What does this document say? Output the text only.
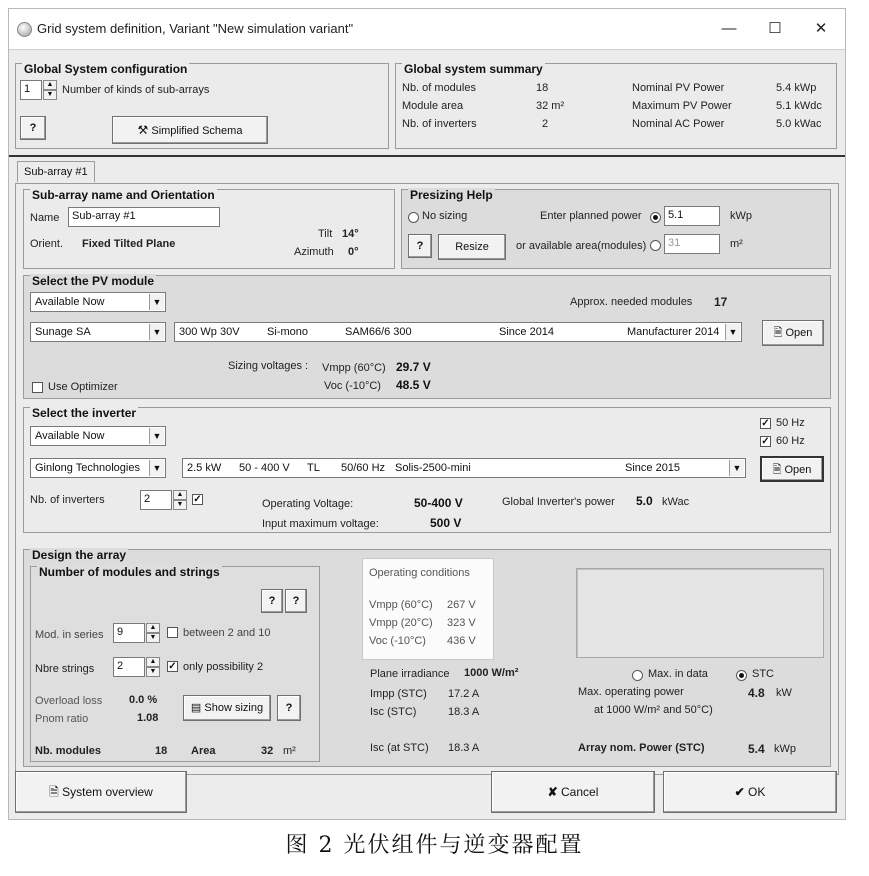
Grid system definition, Variant "New simulation variant"	—	☐	✕
Global System configuration
1	▲
▼ Number of kinds of sub-arrays
?	⚒ Simplified Schema
Global system summary
Nb. of modules	18	Nominal PV Power	5.4 kWp
Module area	32 m²	Maximum PV Power	5.1 kWdc
Nb. of inverters	2	Nominal AC Power	5.0 kWac
Sub-array #1
Sub-array name and Orientation
Name	Sub-array #1
Orient. Fixed Tilted Plane
Tilt 14°
Azimuth 0°
Presizing Help
No sizing	Enter planned power	5.1	kWp
?	Resize	or available area(modules)	31	m²
Select the PV module
Available Now	▼	Approx. needed modules 17
Sunage SA	▼ 300 Wp 30V Si-mono	SAM66/6 300	Since 2014	Manufacturer 2014	▼	🗎 Open
Sizing voltages : Vmpp (60°C) 29.7 V
Voc (-10°C) 48.5 V
Use Optimizer
Select the inverter
Available Now	▼
✓ 50 Hz
✓ 60 Hz
Ginlong Technologies	▼ 2.5 kW 50 - 400 V TL 50/60 Hz Solis-2500-mini	Since 2015	▼	🗎 Open
Nb. of inverters	2	▲
▼ ✓	Operating Voltage:	50-400 V
Input maximum voltage:	500 V
Global Inverter's power 5.0 kWac
Design the array
Number of modules and strings
?	?
Mod. in series	9	▲
▼	between 2 and 10
Nbre strings	2	▲
▼	✓ only possibility 2
Overload loss 0.0 %
Pnom ratio	1.08
▤ Show sizing	?
Nb. modules	18 Area	32 m²
Operating conditions
Vmpp (60°C) 267 V
Vmpp (20°C) 323 V
Voc (-10°C) 436 V
Plane irradiance 1000 W/m²
Impp (STC) 17.2 A
Isc (STC)	18.3 A
Isc (at STC) 18.3 A
Max. in data	STC
Max. operating power	4.8 kW
at 1000 W/m² and 50°C)
Array nom. Power (STC)	5.4 kWp
🗎 System overview	✘ Cancel	✔ OK
图 2 光伏组件与逆变器配置
